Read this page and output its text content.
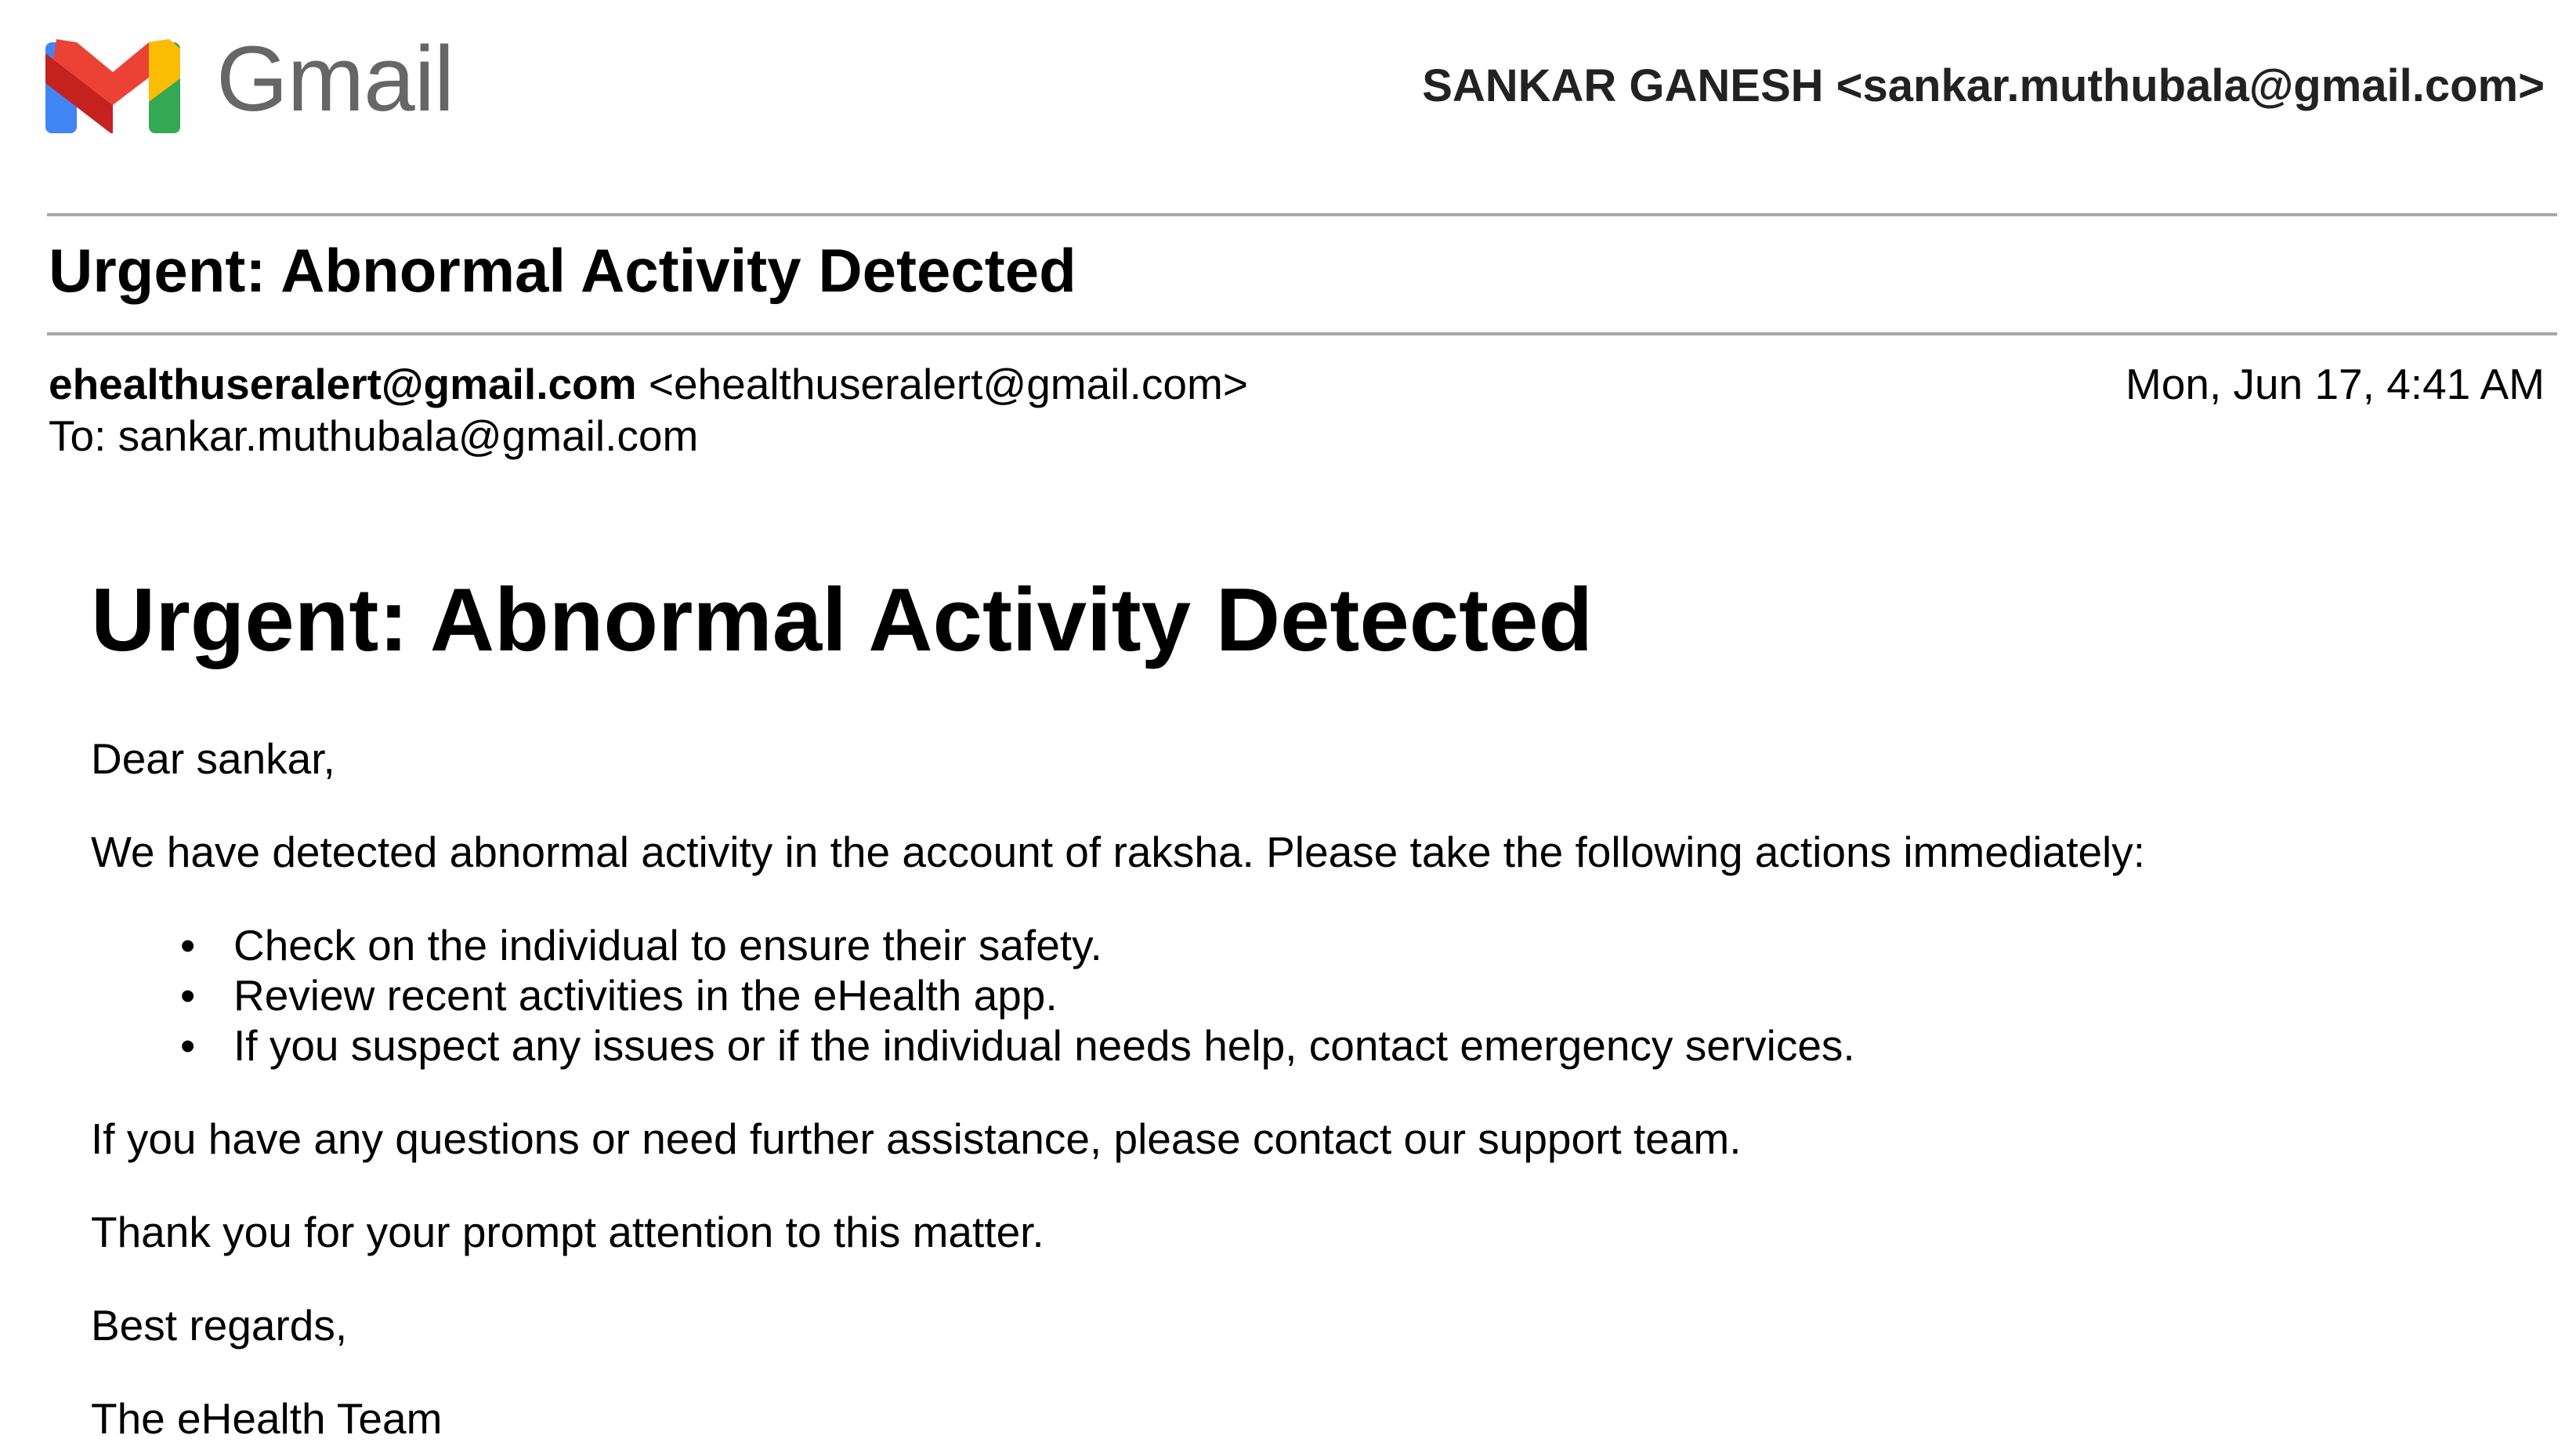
Gmail	SANKAR GANESH <sankar.muthubala@gmail.com>
Urgent: Abnormal Activity Detected
ehealthuseralert@gmail.com <ehealthuseralert@gmail.com>	Mon, Jun 17, 4:41 AM
To: sankar.muthubala@gmail.com
Urgent: Abnormal Activity Detected
Dear sankar,
We have detected abnormal activity in the account of raksha. Please take the following actions immediately:
• Check on the individual to ensure their safety.
• Review recent activities in the eHealth app.
• If you suspect any issues or if the individual needs help, contact emergency services.
If you have any questions or need further assistance, please contact our support team.
Thank you for your prompt attention to this matter.
Best regards,
The eHealth Team
